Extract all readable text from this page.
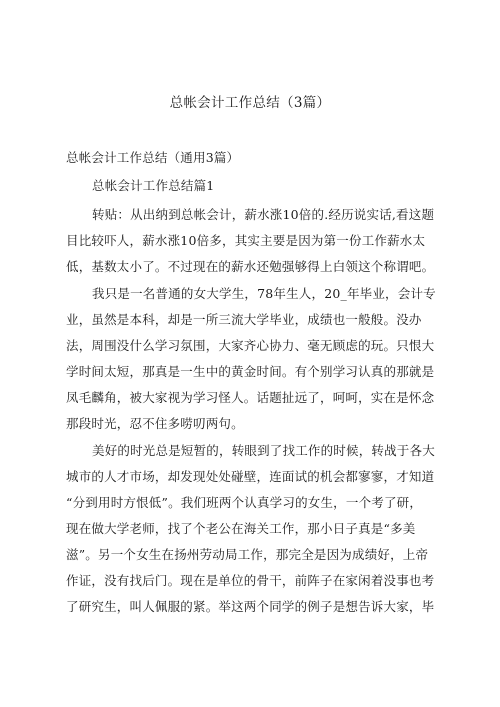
总帐会计工作总结（3篇）
总帐会计工作总结（通用3篇）
总帐会计工作总结篇1
转贴：从出纳到总帐会计，薪水涨10倍的.经历说实话,看这题
目比较吓人，薪水涨10倍多，其实主要是因为第一份工作薪水太
低，基数太小了。不过现在的薪水还勉强够得上白领这个称谓吧。
我只是一名普通的女大学生，78年生人，20_年毕业，会计专
业，虽然是本科，却是一所三流大学毕业，成绩也一般般。没办
法，周围没什么学习氛围，大家齐心协力、毫无顾虑的玩。只恨大
学时间太短，那真是一生中的黄金时间。有个别学习认真的那就是
凤毛麟角，被大家视为学习怪人。话题扯远了，呵呵，实在是怀念
那段时光，忍不住多唠叨两句。
美好的时光总是短暂的，转眼到了找工作的时候，转战于各大
城市的人才市场，却发现处处碰壁，连面试的机会都寥寥，才知道
“分到用时方恨低”。我们班两个认真学习的女生，一个考了研，
现在做大学老师，找了个老公在海关工作，那小日子真是“多美
滋”。另一个女生在扬州劳动局工作，那完全是因为成绩好，上帝
作证，没有找后门。现在是单位的骨干，前阵子在家闲着没事也考
了研究生，叫人佩服的紧。举这两个同学的例子是想告诉大家，毕
